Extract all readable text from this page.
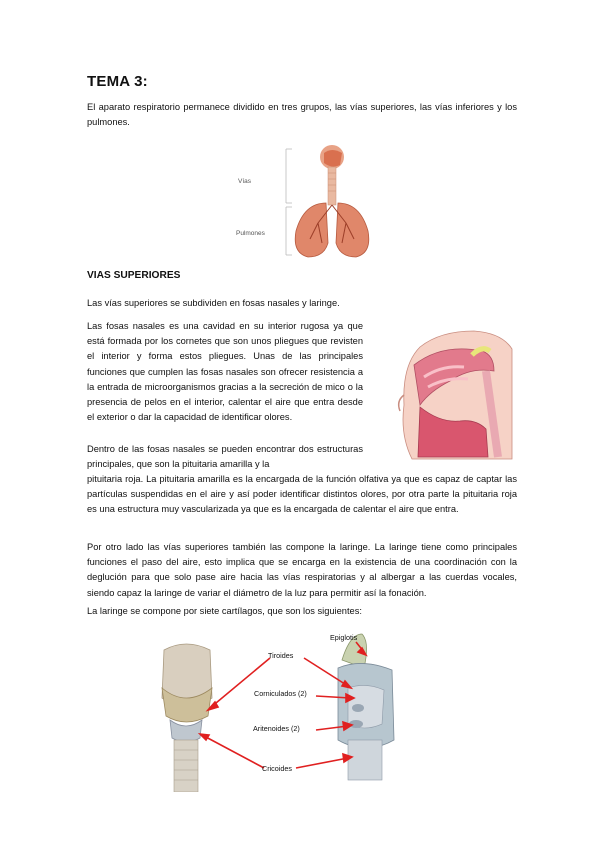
TEMA 3:

El aparato respiratorio permanece dividido en tres grupos, las vías superiores, las vías inferiores y los pulmones.

Vías
Pulmones
VIAS SUPERIORES

Las vías superiores se subdividen en fosas nasales y laringe.

Las fosas nasales es una cavidad en su interior rugosa ya que está formada por los cornetes que son unos pliegues que revisten el interior y forma estos pliegues. Unas de las principales funciones que cumplen las fosas nasales son ofrecer resistencia a la entrada de microorganismos gracias a la secreción de mico o la presencia de pelos en el interior, calentar el aire que entra desde el exterior o dar la capacidad de identificar olores.

Dentro de las fosas nasales se pueden encontrar dos estructuras principales, que son la pituitaria amarilla y la

pituitaria roja. La pituitaria amarilla es la encargada de la función olfativa ya que es capaz de captar las partículas suspendidas en el aire y así poder identificar distintos olores, por otra parte la pituitaria roja es una estructura muy vascularizada ya que es la encargada de calentar el aire que entra.

Por otro lado las vías superiores también las compone la laringe. La laringe tiene como principales funciones el paso del aire, esto implica que se encarga en la existencia de una coordinación con la deglución para que solo pase aire hacia las vías respiratorias y al albergar a las cuerdas vocales, siendo capaz la laringe de variar el diámetro de la luz para permitir así la fonación.

La laringe se compone por siete cartílagos, que son los siguientes:

Epiglotis
Tiroides
Corniculados (2)
Aritenoides (2)
Cricoides
